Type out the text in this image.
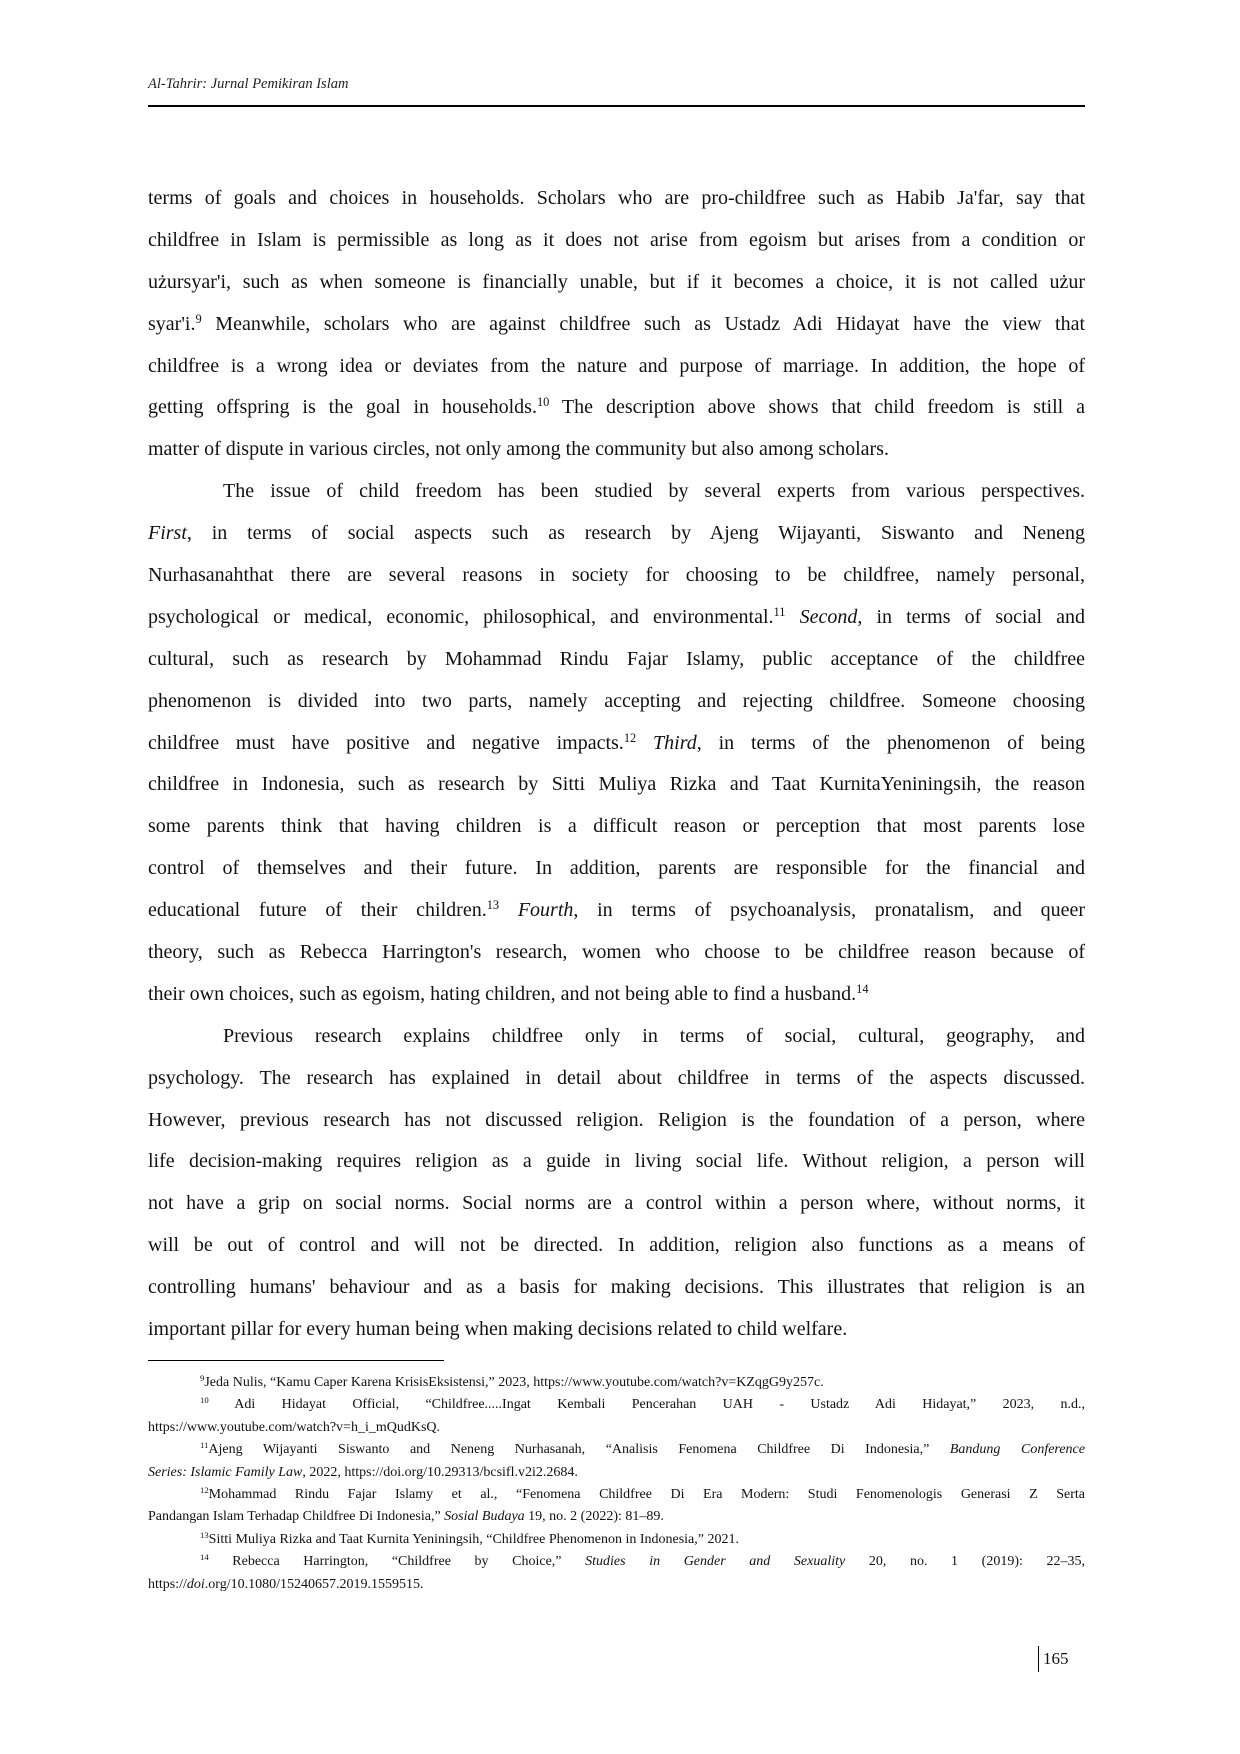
Al-Tahrir: Jurnal Pemikiran Islam
terms of goals and choices in households. Scholars who are pro-childfree such as Habib Ja'far, say that
childfree in Islam is permissible as long as it does not arise from egoism but arises from a condition or
użursyar'i, such as when someone is financially unable, but if it becomes a choice, it is not called użur
syar'i.$^9$ Meanwhile, scholars who are against childfree such as Ustadz Adi Hidayat have the view that
childfree is a wrong idea or deviates from the nature and purpose of marriage. In addition, the hope of
getting offspring is the goal in households.$^{10}$ The description above shows that child freedom is still a
matter of dispute in various circles, not only among the community but also among scholars.
The issue of child freedom has been studied by several experts from various perspectives.
First, in terms of social aspects such as research by Ajeng Wijayanti, Siswanto and Neneng
Nurhasanahthat there are several reasons in society for choosing to be childfree, namely personal,
psychological or medical, economic, philosophical, and environmental.$^{11}$ Second, in terms of social and
cultural, such as research by Mohammad Rindu Fajar Islamy, public acceptance of the childfree
phenomenon is divided into two parts, namely accepting and rejecting childfree. Someone choosing
childfree must have positive and negative impacts.$^{12}$ Third, in terms of the phenomenon of being
childfree in Indonesia, such as research by Sitti Muliya Rizka and Taat KurnitaYeniningsih, the reason
some parents think that having children is a difficult reason or perception that most parents lose
control of themselves and their future. In addition, parents are responsible for the financial and
educational future of their children.$^{13}$ Fourth, in terms of psychoanalysis, pronatalism, and queer
theory, such as Rebecca Harrington's research, women who choose to be childfree reason because of
their own choices, such as egoism, hating children, and not being able to find a husband.$^{14}$
Previous research explains childfree only in terms of social, cultural, geography, and
psychology. The research has explained in detail about childfree in terms of the aspects discussed.
However, previous research has not discussed religion. Religion is the foundation of a person, where
life decision-making requires religion as a guide in living social life. Without religion, a person will
not have a grip on social norms. Social norms are a control within a person where, without norms, it
will be out of control and will not be directed. In addition, religion also functions as a means of
controlling humans' behaviour and as a basis for making decisions. This illustrates that religion is an
important pillar for every human being when making decisions related to child welfare.
$^9$Jeda Nulis, “Kamu Caper Karena KrisisEksistensi,” 2023, https://www.youtube.com/watch?v=KZqgG9y257c.
$^{10}$ Adi Hidayat Official, “Childfree.....Ingat Kembali Pencerahan UAH - Ustadz Adi Hidayat,” 2023, n.d.,
https://www.youtube.com/watch?v=h_i_mQudKsQ.
$^{11}$Ajeng Wijayanti Siswanto and Neneng Nurhasanah, “Analisis Fenomena Childfree Di Indonesia,” Bandung Conference
Series: Islamic Family Law, 2022, https://doi.org/10.29313/bcsifl.v2i2.2684.
$^{12}$Mohammad Rindu Fajar Islamy et al., “Fenomena Childfree Di Era Modern: Studi Fenomenologis Generasi Z Serta
Pandangan Islam Terhadap Childfree Di Indonesia,” Sosial Budaya 19, no. 2 (2022): 81–89.
$^{13}$Sitti Muliya Rizka and Taat Kurnita Yeniningsih, “Childfree Phenomenon in Indonesia,” 2021.
$^{14}$ Rebecca Harrington, “Childfree by Choice,” Studies in Gender and Sexuality 20, no. 1 (2019): 22–35,
https://doi.org/10.1080/15240657.2019.1559515.
165
